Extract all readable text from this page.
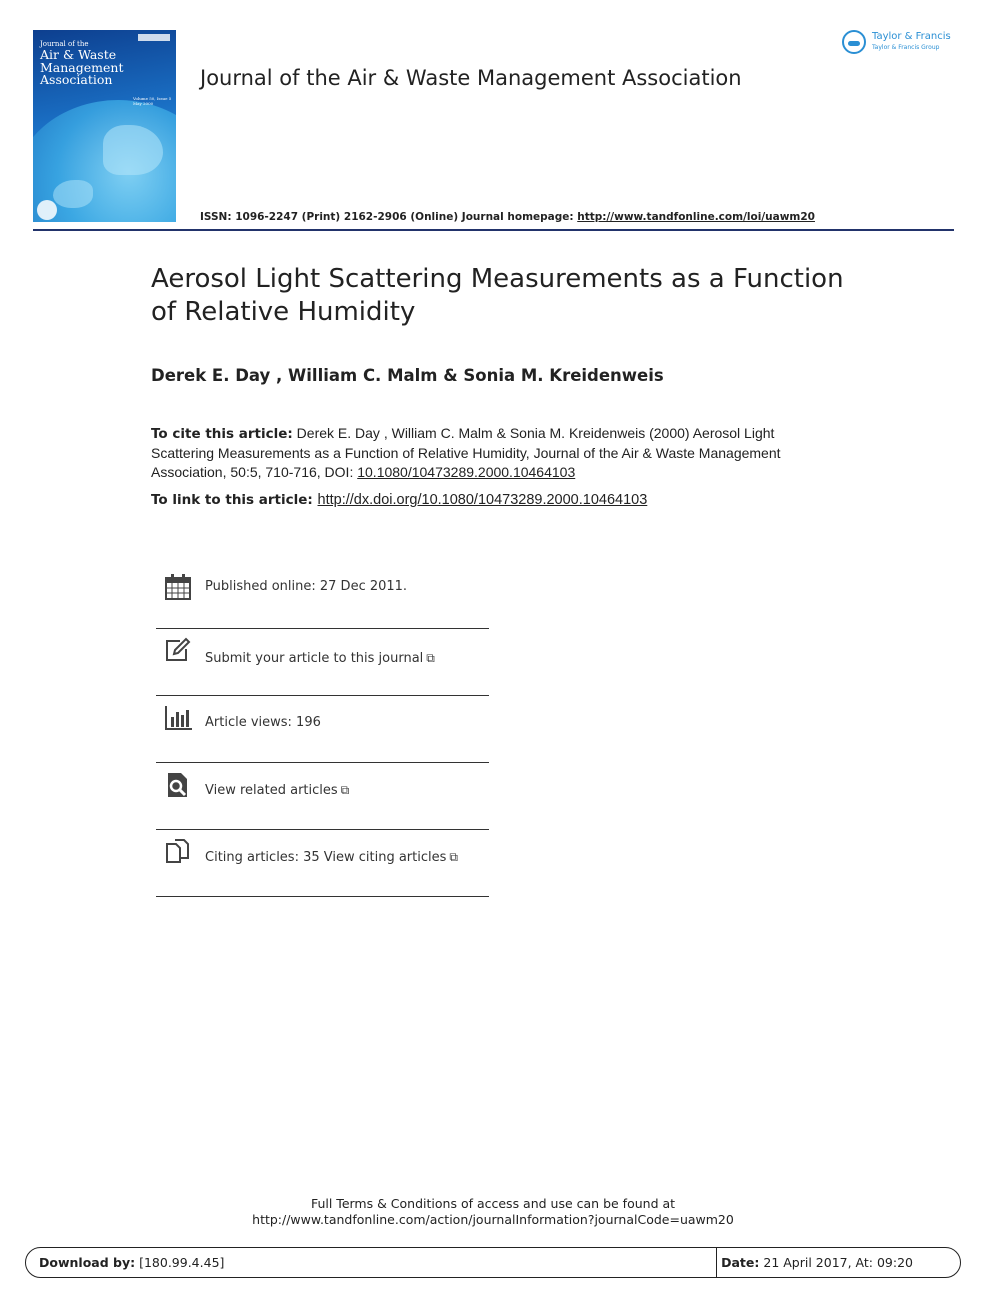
Journal of the
Air & Waste
Management
Association
Volume 50, Issue 5
May 2000
Journal of the Air & Waste Management Association
Taylor & Francis
Taylor & Francis Group
ISSN: 1096-2247 (Print) 2162-2906 (Online) Journal homepage: http://www.tandfonline.com/loi/uawm20
Aerosol Light Scattering Measurements as a Function of Relative Humidity
Derek E. Day , William C. Malm & Sonia M. Kreidenweis
To cite this article: Derek E. Day , William C. Malm & Sonia M. Kreidenweis (2000) Aerosol Light Scattering Measurements as a Function of Relative Humidity, Journal of the Air & Waste Management Association, 50:5, 710-716, DOI: 10.1080/10473289.2000.10464103
To link to this article: http://dx.doi.org/10.1080/10473289.2000.10464103
Published online: 27 Dec 2011.
Submit your article to this journal ⧉
Article views: 196
View related articles ⧉
Citing articles: 35 View citing articles ⧉
Full Terms & Conditions of access and use can be found at
http://www.tandfonline.com/action/journalInformation?journalCode=uawm20
Download by: [180.99.4.45]	Date: 21 April 2017, At: 09:20
